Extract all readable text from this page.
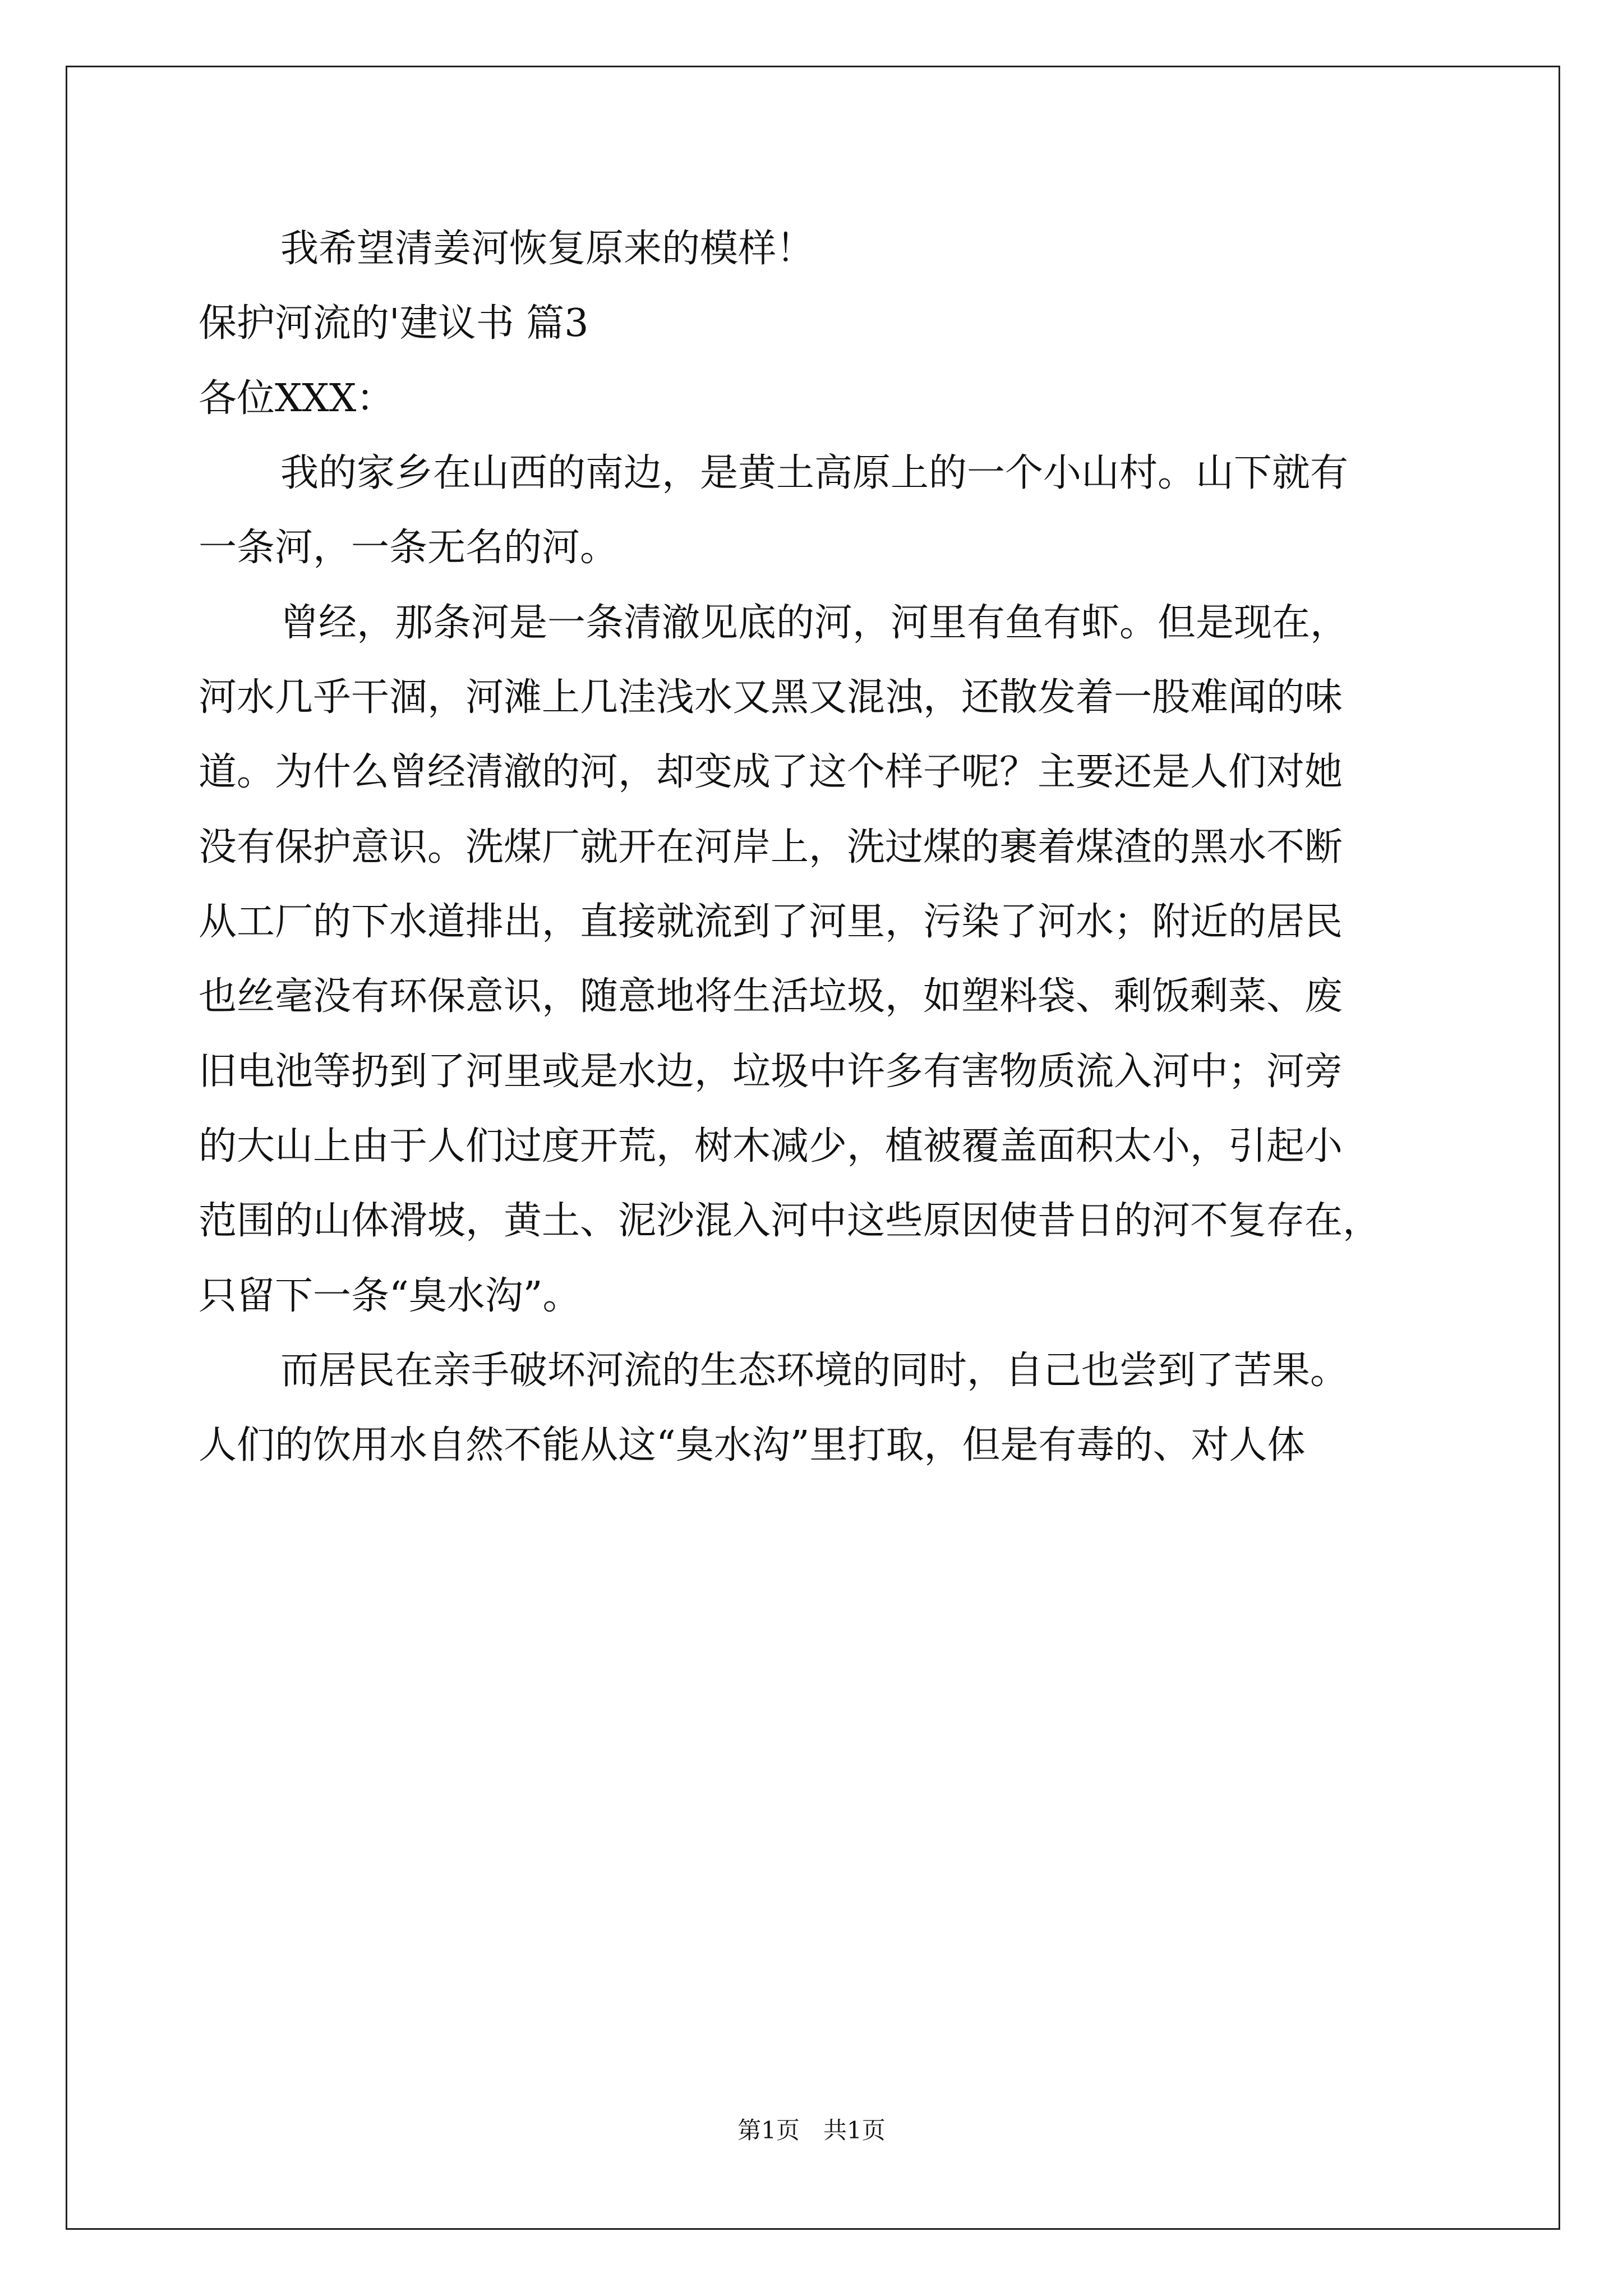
我希望清姜河恢复原来的模样！
保护河流的'建议书 篇3
各位XXX：
我的家乡在山西的南边，是黄土高原上的一个小山村。山下就有
一条河，一条无名的河。
曾经，那条河是一条清澈见底的河，河里有鱼有虾。但是现在，
河水几乎干涸，河滩上几洼浅水又黑又混浊，还散发着一股难闻的味
道。为什么曾经清澈的河，却变成了这个样子呢？主要还是人们对她
没有保护意识。洗煤厂就开在河岸上，洗过煤的裹着煤渣的黑水不断
从工厂的下水道排出，直接就流到了河里，污染了河水；附近的居民
也丝毫没有环保意识，随意地将生活垃圾，如塑料袋、剩饭剩菜、废
旧电池等扔到了河里或是水边，垃圾中许多有害物质流入河中；河旁
的大山上由于人们过度开荒，树木减少，植被覆盖面积太小，引起小
范围的山体滑坡，黄土、泥沙混入河中这些原因使昔日的河不复存在，
只留下一条“臭水沟”。
而居民在亲手破坏河流的生态环境的同时，自己也尝到了苦果。
人们的饮用水自然不能从这“臭水沟”里打取，但是有毒的、对人体
第1页　共1页
